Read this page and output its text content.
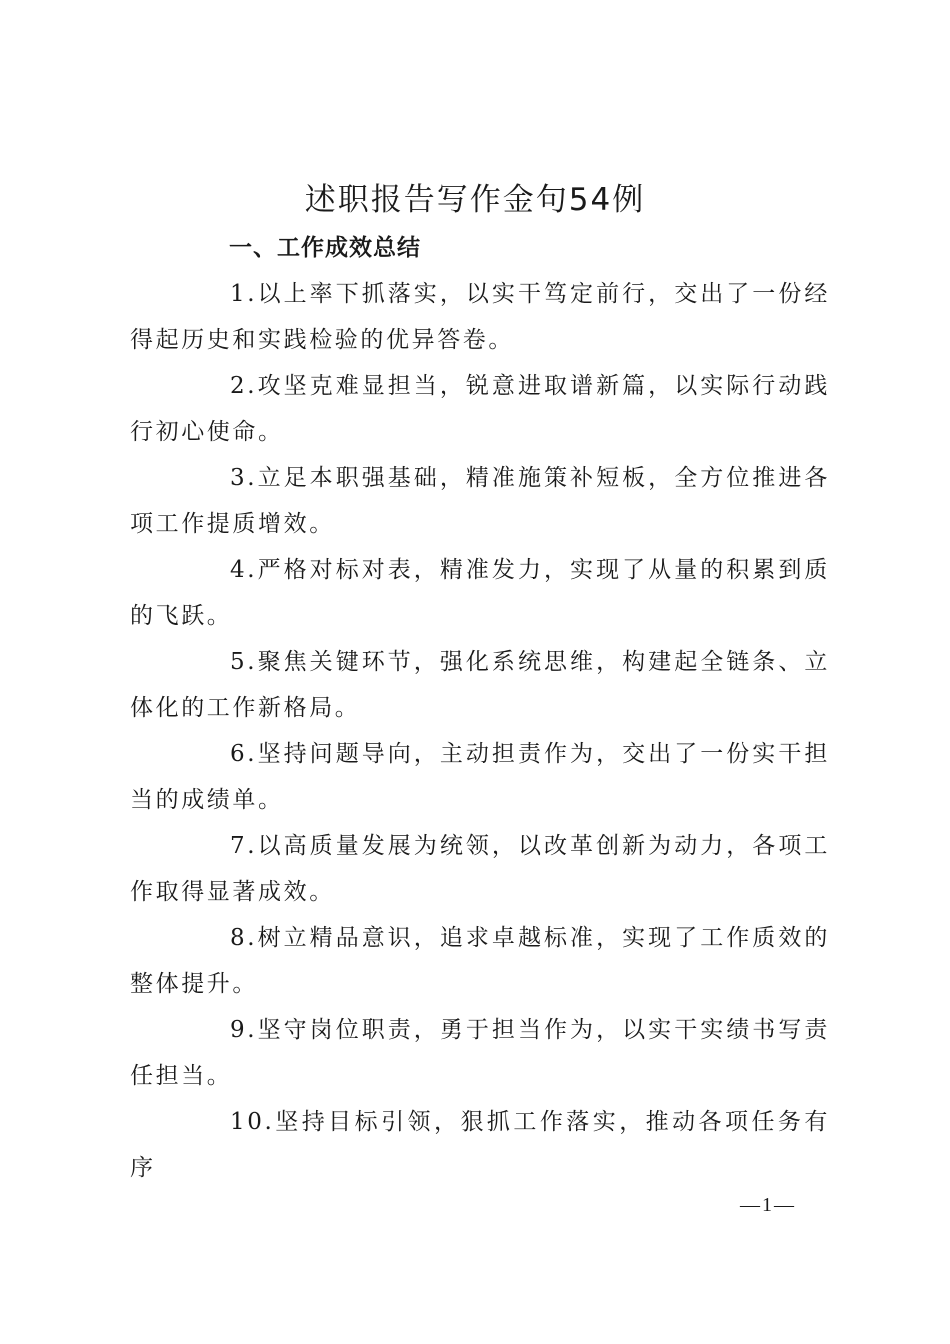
述职报告写作金句54例
一、工作成效总结

1.以上率下抓落实，以实干笃定前行，交出了一份经得起历史和实践检验的优异答卷。

2.攻坚克难显担当，锐意进取谱新篇，以实际行动践行初心使命。

3.立足本职强基础，精准施策补短板，全方位推进各项工作提质增效。

4.严格对标对表，精准发力，实现了从量的积累到质的飞跃。

5.聚焦关键环节，强化系统思维，构建起全链条、立体化的工作新格局。

6.坚持问题导向，主动担责作为，交出了一份实干担当的成绩单。

7.以高质量发展为统领，以改革创新为动力，各项工作取得显著成效。

8.树立精品意识，追求卓越标准，实现了工作质效的整体提升。

9.坚守岗位职责，勇于担当作为，以实干实绩书写责任担当。

10.坚持目标引领，狠抓工作落实，推动各项任务有序

—1—
